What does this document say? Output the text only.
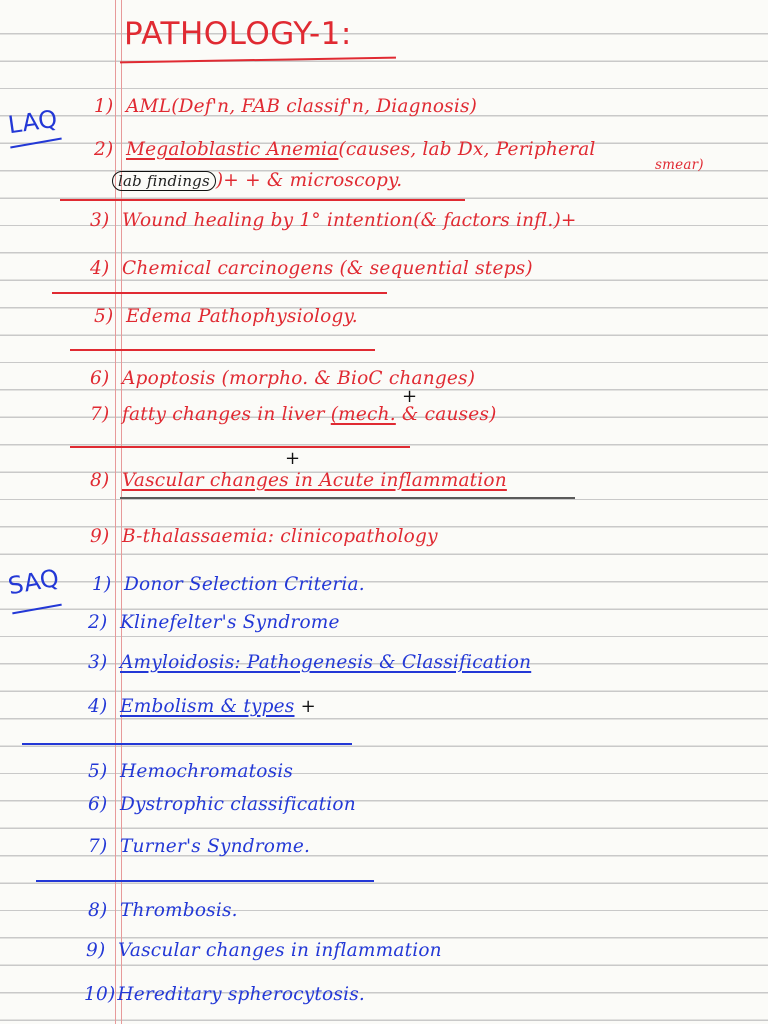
PATHOLOGY-1:
LAQ 1) AML(Def'n, FAB classif'n, Diagnosis)
2) Megaloblastic Anemia(causes, lab Dx, Peripheral
smear)
lab findings )+ + & microscopy.
3) Wound healing by 1° intention(& factors infl.)+
4) Chemical carcinogens (& sequential steps)
5) Edema Pathophysiology.
6) Apoptosis (morpho. & BioC changes)
+
7) fatty changes in liver (mech. & causes)
+
8) Vascular changes in Acute inflammation
9) B-thalassaemia: clinicopathology
SAQ 1) Donor Selection Criteria.
2) Klinefelter's Syndrome
3) Amyloidosis: Pathogenesis & Classification
4) Embolism & types +
5) Hemochromatosis
6) Dystrophic classification
7) Turner's Syndrome.
8) Thrombosis.
9) Vascular changes in inflammation
10) Hereditary spherocytosis.
